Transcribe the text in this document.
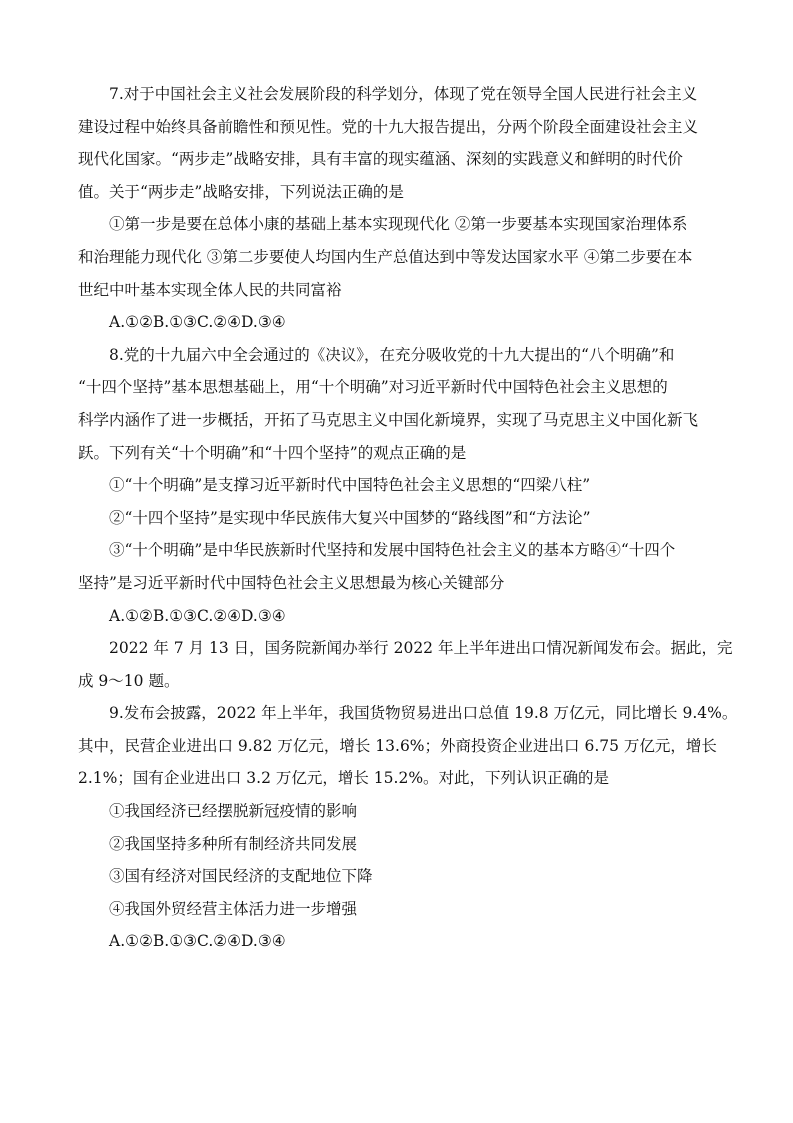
7.对于中国社会主义社会发展阶段的科学划分，体现了党在领导全国人民进行社会主义
建设过程中始终具备前瞻性和预见性。党的十九大报告提出，分两个阶段全面建设社会主义
现代化国家。“两步走”战略安排，具有丰富的现实蕴涵、深刻的实践意义和鲜明的时代价
值。关于“两步走”战略安排，下列说法正确的是
①第一步是要在总体小康的基础上基本实现现代化 ②第一步要基本实现国家治理体系
和治理能力现代化 ③第二步要使人均国内生产总值达到中等发达国家水平 ④第二步要在本
世纪中叶基本实现全体人民的共同富裕
A.①②B.①③C.②④D.③④
8.党的十九届六中全会通过的《决议》，在充分吸收党的十九大提出的“八个明确”和
“十四个坚持”基本思想基础上，用“十个明确”对习近平新时代中国特色社会主义思想的
科学内涵作了进一步概括，开拓了马克思主义中国化新境界，实现了马克思主义中国化新飞
跃。下列有关“十个明确”和“十四个坚持”的观点正确的是
①“十个明确”是支撑习近平新时代中国特色社会主义思想的“四梁八柱”
②“十四个坚持”是实现中华民族伟大复兴中国梦的“路线图”和“方法论”
③“十个明确”是中华民族新时代坚持和发展中国特色社会主义的基本方略④“十四个
坚持”是习近平新时代中国特色社会主义思想最为核心关键部分
A.①②B.①③C.②④D.③④
2022 年 7 月 13 日，国务院新闻办举行 2022 年上半年进出口情况新闻发布会。据此，完
成 9～10 题。
9.发布会披露，2022 年上半年，我国货物贸易进出口总值 19.8 万亿元，同比增长 9.4%。
其中，民营企业进出口 9.82 万亿元，增长 13.6%；外商投资企业进出口 6.75 万亿元，增长
2.1%；国有企业进出口 3.2 万亿元，增长 15.2%。对此，下列认识正确的是
①我国经济已经摆脱新冠疫情的影响
②我国坚持多种所有制经济共同发展
③国有经济对国民经济的支配地位下降
④我国外贸经营主体活力进一步增强
A.①②B.①③C.②④D.③④
